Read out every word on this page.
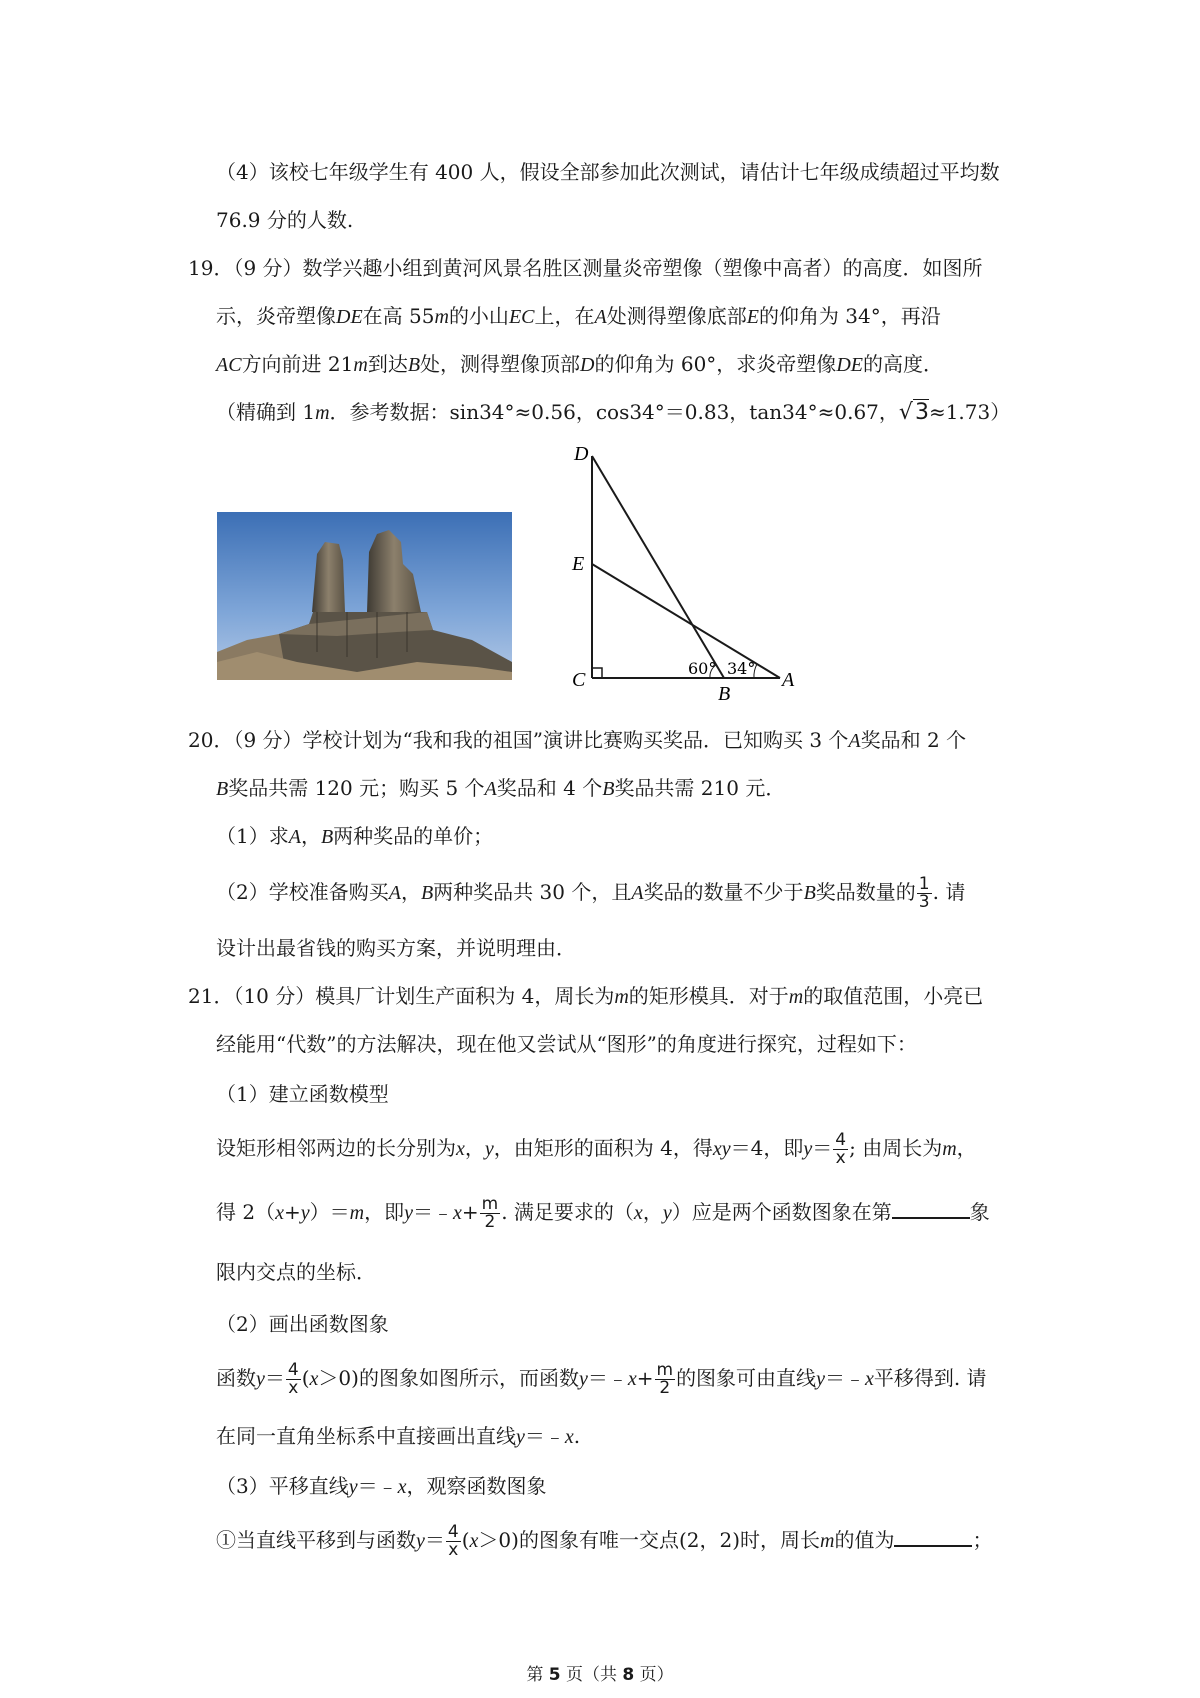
（4）该校七年级学生有 400 人，假设全部参加此次测试，请估计七年级成绩超过平均数
76.9 分的人数.
19．（9 分）数学兴趣小组到黄河风景名胜区测量炎帝塑像（塑像中高者）的高度．如图所
示，炎帝塑像DE在高 55m的小山EC上，在A处测得塑像底部E的仰角为 34°，再沿
AC方向前进 21m到达B处，测得塑像顶部D的仰角为 60°，求炎帝塑像DE的高度．
（精确到 1m．参考数据：sin34°≈0.56，cos34°＝0.83，tan34°≈0.67，√3≈1.73）
D
E
C
B
A
60° 34°
20．（9 分）学校计划为“我和我的祖国”演讲比赛购买奖品．已知购买 3 个A奖品和 2 个
B奖品共需 120 元；购买 5 个A奖品和 4 个B奖品共需 210 元．
（1）求A，B两种奖品的单价；
（2）学校准备购买A，B两种奖品共 30 个，且A奖品的数量不少于B奖品数量的 $\frac{1}{3}$ . 请
设计出最省钱的购买方案，并说明理由．
21．（10 分）模具厂计划生产面积为 4，周长为m的矩形模具．对于m的取值范围，小亮已
经能用“代数”的方法解决，现在他又尝试从“图形”的角度进行探究，过程如下：
（1）建立函数模型
设矩形相邻两边的长分别为x，y，由矩形的面积为 4，得xy＝4，即$y= \frac{4}{x}$ ; 由周长为m，
得 2（x+y）＝m，即y＝﹣x+ $\frac{m}{2}$ . 满足要求的（x，y）应是两个函数图象在第	象
限内交点的坐标．
（2）画出函数图象
函数$y= \frac{4}{x} (x>0)$的图象如图所示，而函数y＝﹣x+ $\frac{m}{2}$ 的图象可由直线y＝﹣x平移得到. 请
在同一直角坐标系中直接画出直线y＝﹣x.
（3）平移直线y＝﹣x，观察函数图象
①当直线平移到与函数$y= \frac{4}{x} (x>0)$的图象有唯一交点(2，2)时，周长m的值为	；
第 5 页（共 8 页）
